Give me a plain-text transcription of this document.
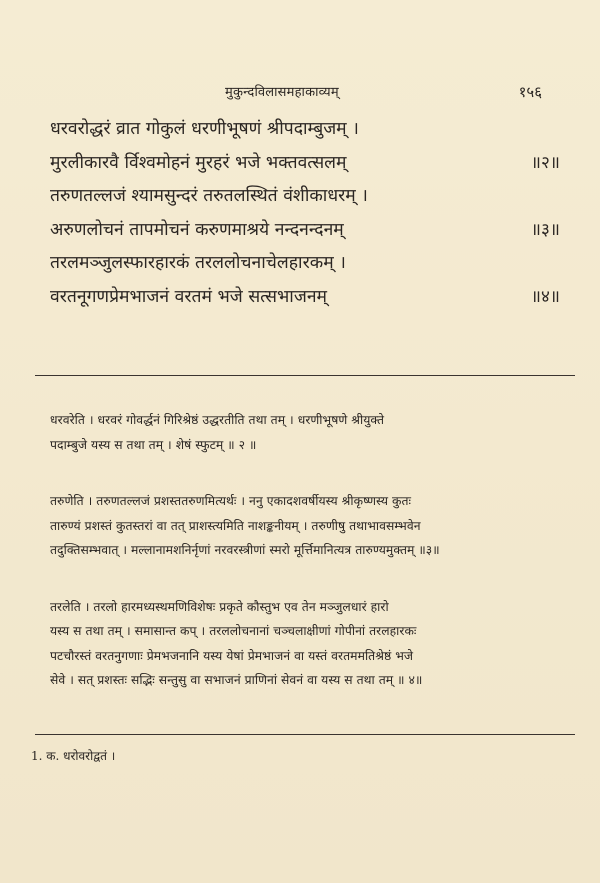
मुकुन्दविलासमहाकाव्यम्	१५६
धरवरोद्धरं व्रात गोकुलं धरणीभूषणं श्रीपदाम्बुजम् ।
मुरलीकारवै र्विश्वमोहनं मुरहरं भजे भक्तवत्सलम्	॥२॥
तरुणतल्लजं श्यामसुन्दरं तरुतलस्थितं वंशीकाधरम् ।
अरुणलोचनं तापमोचनं करुणमाश्रये नन्दनन्दनम्	॥३॥
तरलमञ्जुलस्फारहारकं तरललोचनाचेलहारकम् ।
वरतनूगणप्रेमभाजनं वरतमं भजे सत्सभाजनम्	॥४॥

धरवरेति । धरवरं गोवर्द्धनं गिरिश्रेष्ठं उद्धरतीति तथा तम् । धरणीभूषणे श्रीयुक्ते

पदाम्बुजे यस्य स तथा तम् । शेषं स्फुटम् ॥ २ ॥

तरुणेति । तरुणतल्लजं प्रशस्ततरुणमित्यर्थः । ननु एकादशवर्षीयस्य श्रीकृष्णस्य कुतः

तारुण्यं प्रशस्तं कुतस्तरां वा तत् प्राशस्त्यमिति नाशङ्कनीयम् । तरुणीषु तथाभावसम्भवेन

तदुक्तिसम्भवात् । मल्लानामशनिर्नृणां नरवरस्त्रीणां स्मरो मूर्त्तिमानित्यत्र तारुण्यमुक्तम् ॥३॥

तरलेति । तरलो हारमध्यस्थमणिविशेषः प्रकृते कौस्तुभ एव तेन मञ्जुलधारं हारो

यस्य स तथा तम् । समासान्त कप् । तरललोचनानां चञ्चलाक्षीणां गोपीनां तरलहारकः

पटचौरस्तं वरतनुगणाः प्रेमभजनानि यस्य येषां प्रेमभाजनं वा यस्तं वरतममतिश्रेष्ठं भजे

सेवे । सत् प्रशस्तः सद्भिः सन्तुसु वा सभाजनं प्राणिनां सेवनं वा यस्य स तथा तम् ॥ ४॥

1. क. धरोवरोद्वतं ।
